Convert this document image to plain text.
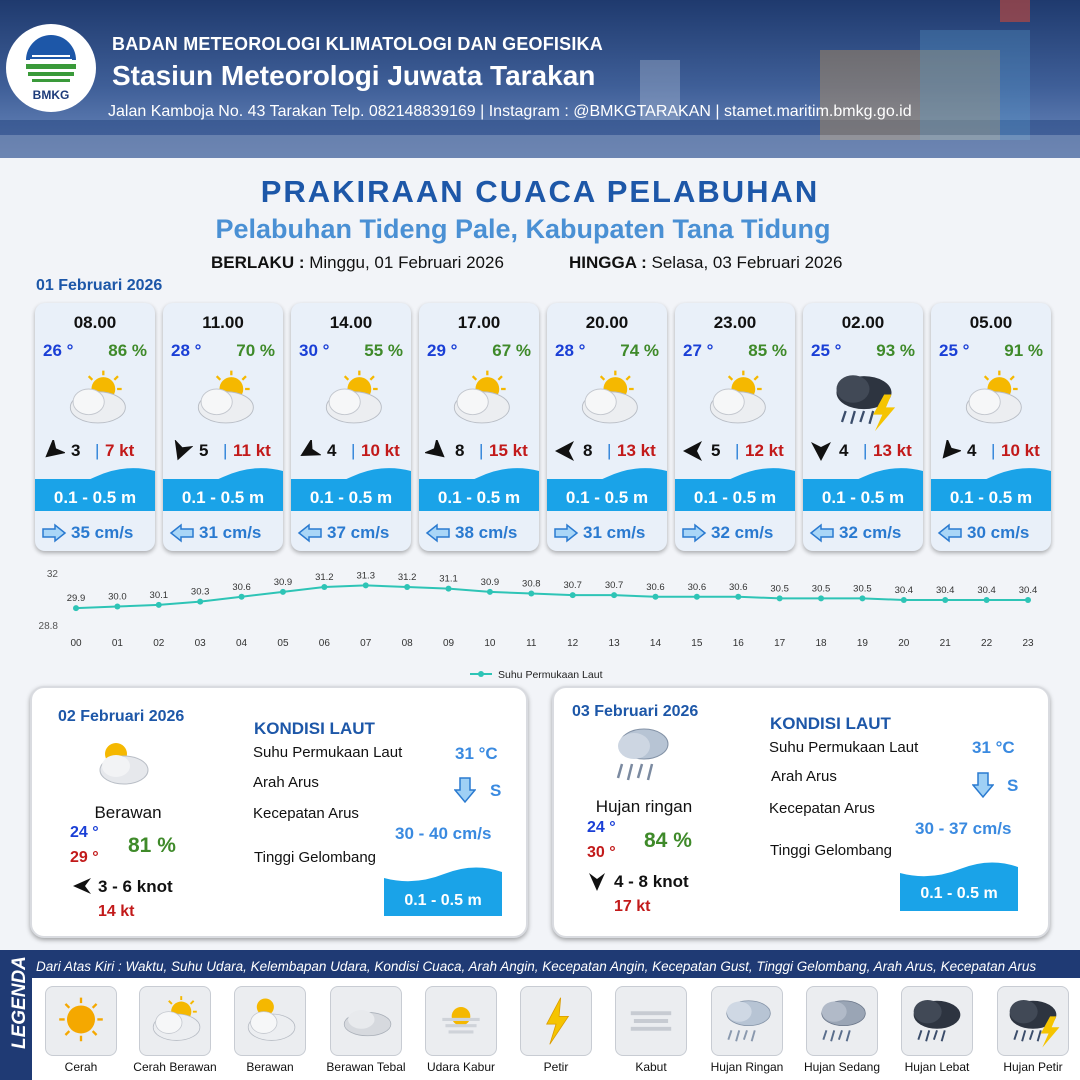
BMKG
BADAN METEOROLOGI KLIMATOLOGI DAN GEOFISIKA
Stasiun Meteorologi Juwata Tarakan
Jalan Kamboja No. 43 Tarakan Telp. 082148839169 | Instagram : @BMKGTARAKAN | stamet.maritim.bmkg.go.id
PRAKIRAAN CUACA PELABUHAN
Pelabuhan Tideng Pale, Kabupaten Tana Tidung
BERLAKU : Minggu, 01 Februari 2026	HINGGA : Selasa, 03 Februari 2026
01 Februari 2026
08.00
26 ° 86 %
3 | 7 kt
0.1 - 0.5 m
35 cm/s
11.00
28 ° 70 %
5 | 11 kt
0.1 - 0.5 m
31 cm/s
14.00
30 ° 55 %
4 | 10 kt
0.1 - 0.5 m
37 cm/s
17.00
29 ° 67 %
8 | 15 kt
0.1 - 0.5 m
38 cm/s
20.00
28 ° 74 %
8 | 13 kt
0.1 - 0.5 m
31 cm/s
23.00
27 ° 85 %
5 | 12 kt
0.1 - 0.5 m
32 cm/s
02.00
25 ° 93 %
4 | 13 kt
0.1 - 0.5 m
32 cm/s
05.00
25 ° 91 %
4 | 10 kt
0.1 - 0.5 m
30 cm/s
32
28.8
29.9
00
30.0
01
30.1
02
30.3
03
30.6
04
30.9
05
31.2
06
31.3
07
31.2
08
31.1
09
30.9
10
30.8
11
30.7
12
30.7
13
30.6
14
30.6
15
30.6
16
30.5
17
30.5
18
30.5
19
30.4
20
30.4
21
30.4
22
30.4
23
Suhu Permukaan Laut
02 Februari 2026
Berawan
24 °
29 °
81 %
3 - 6 knot
14 kt
KONDISI LAUT
Suhu Permukaan Laut	31 °C
Arah Arus	S
Kecepatan Arus
30 - 40 cm/s
Tinggi Gelombang
0.1 - 0.5 m
03 Februari 2026
Hujan ringan
24 °
30 °
84 %
4 - 8 knot
17 kt
KONDISI LAUT
Suhu Permukaan Laut	31 °C
Arah Arus	S
Kecepatan Arus
30 - 37 cm/s
Tinggi Gelombang
0.1 - 0.5 m
LEGENDA Dari Atas Kiri : Waktu, Suhu Udara, Kelembapan Udara, Kondisi Cuaca, Arah Angin, Kecepatan Angin, Kecepatan Gust, Tinggi Gelombang, Arah Arus, Kecepatan Arus
Cerah	Cerah Berawan	Berawan	Berawan Tebal	Udara Kabur	Petir	Kabut	Hujan Ringan	Hujan Sedang	Hujan Lebat	Hujan Petir
